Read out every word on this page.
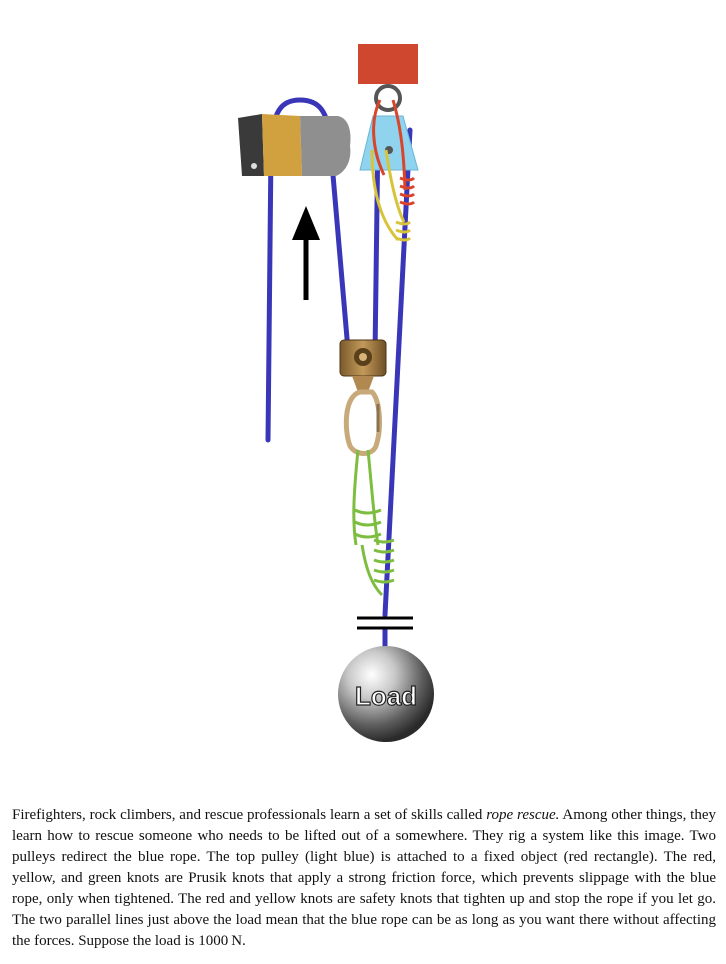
Load

Firefighters, rock climbers, and rescue professionals learn a set of skills called rope rescue. Among other things, they learn how to rescue someone who needs to be lifted out of a somewhere. They rig a system like this image. Two pulleys redirect the blue rope. The top pulley (light blue) is attached to a fixed object (red rectangle). The red, yellow, and green knots are Prusik knots that apply a strong friction force, which prevents slippage with the blue rope, only when tightened. The red and yellow knots are safety knots that tighten up and stop the rope if you let go. The two parallel lines just above the load mean that the blue rope can be as long as you want there without affecting the forces. Suppose the load is 1000 N.
